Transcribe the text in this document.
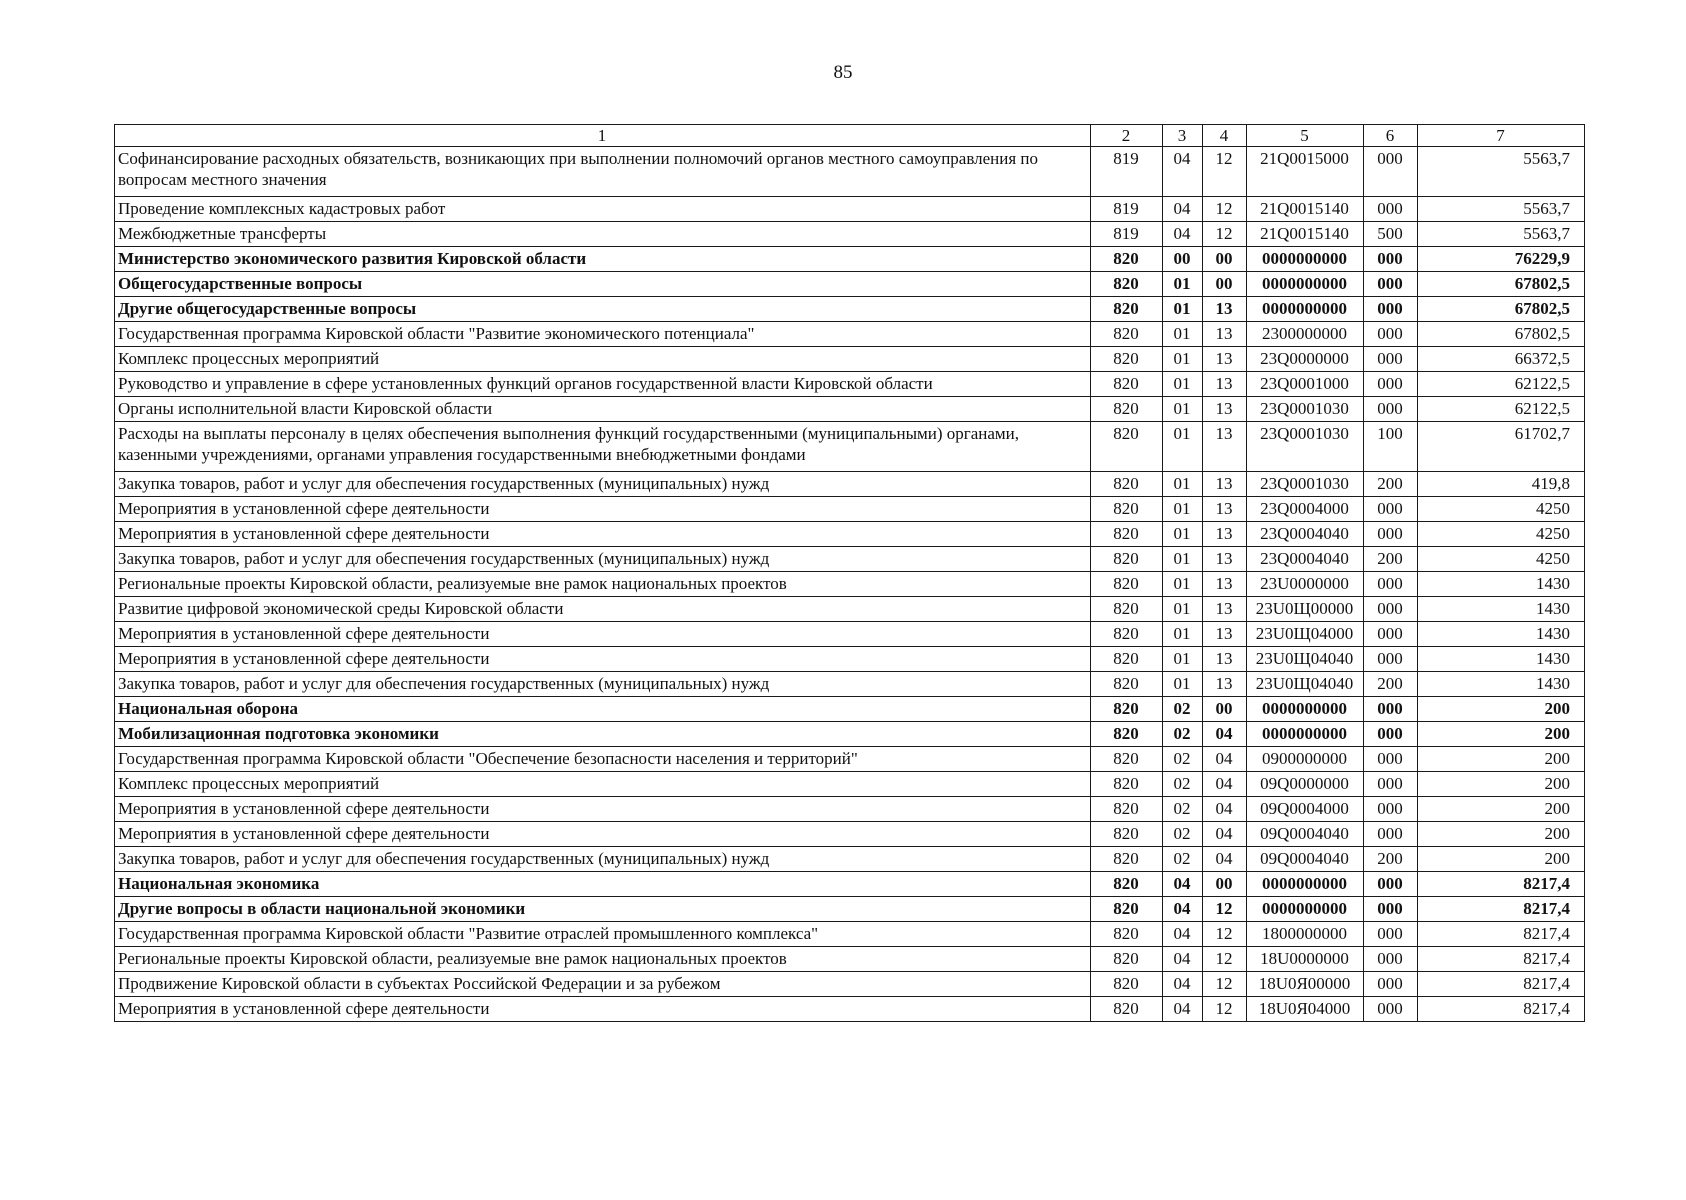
85
1	2	3	4	5	6	7
Софинансирование расходных обязательств, возникающих при выполнении полномочий органов местного самоуправления по вопросам местного значения	819	04	12	21Q0015000	000	5563,7
Проведение комплексных кадастровых работ	819	04	12	21Q0015140	000	5563,7
Межбюджетные трансферты	819	04	12	21Q0015140	500	5563,7
Министерство экономического развития Кировской области	820	00	00	0000000000	000	76229,9
Общегосударственные вопросы	820	01	00	0000000000	000	67802,5
Другие общегосударственные вопросы	820	01	13	0000000000	000	67802,5
Государственная программа Кировской области "Развитие экономического потенциала"	820	01	13	2300000000	000	67802,5
Комплекс процессных мероприятий	820	01	13	23Q0000000	000	66372,5
Руководство и управление в сфере установленных функций органов государственной власти Кировской области	820	01	13	23Q0001000	000	62122,5
Органы исполнительной власти Кировской области	820	01	13	23Q0001030	000	62122,5
Расходы на выплаты персоналу в целях обеспечения выполнения функций государственными (муниципальными) органами, казенными учреждениями, органами управления государственными внебюджетными фондами	820	01	13	23Q0001030	100	61702,7
Закупка товаров, работ и услуг для обеспечения государственных (муниципальных) нужд	820	01	13	23Q0001030	200	419,8
Мероприятия в установленной сфере деятельности	820	01	13	23Q0004000	000	4250
Мероприятия в установленной сфере деятельности	820	01	13	23Q0004040	000	4250
Закупка товаров, работ и услуг для обеспечения государственных (муниципальных) нужд	820	01	13	23Q0004040	200	4250
Региональные проекты Кировской области, реализуемые вне рамок национальных проектов	820	01	13	23U0000000	000	1430
Развитие цифровой экономической среды Кировской области	820	01	13	23U0Щ00000	000	1430
Мероприятия в установленной сфере деятельности	820	01	13	23U0Щ04000	000	1430
Мероприятия в установленной сфере деятельности	820	01	13	23U0Щ04040	000	1430
Закупка товаров, работ и услуг для обеспечения государственных (муниципальных) нужд	820	01	13	23U0Щ04040	200	1430
Национальная оборона	820	02	00	0000000000	000	200
Мобилизационная подготовка экономики	820	02	04	0000000000	000	200
Государственная программа Кировской области "Обеспечение безопасности населения и территорий"	820	02	04	0900000000	000	200
Комплекс процессных мероприятий	820	02	04	09Q0000000	000	200
Мероприятия в установленной сфере деятельности	820	02	04	09Q0004000	000	200
Мероприятия в установленной сфере деятельности	820	02	04	09Q0004040	000	200
Закупка товаров, работ и услуг для обеспечения государственных (муниципальных) нужд	820	02	04	09Q0004040	200	200
Национальная экономика	820	04	00	0000000000	000	8217,4
Другие вопросы в области национальной экономики	820	04	12	0000000000	000	8217,4
Государственная программа Кировской области "Развитие отраслей промышленного комплекса"	820	04	12	1800000000	000	8217,4
Региональные проекты Кировской области, реализуемые вне рамок национальных проектов	820	04	12	18U0000000	000	8217,4
Продвижение Кировской области в субъектах Российской Федерации и за рубежом	820	04	12	18U0Я00000	000	8217,4
Мероприятия в установленной сфере деятельности	820	04	12	18U0Я04000	000	8217,4
